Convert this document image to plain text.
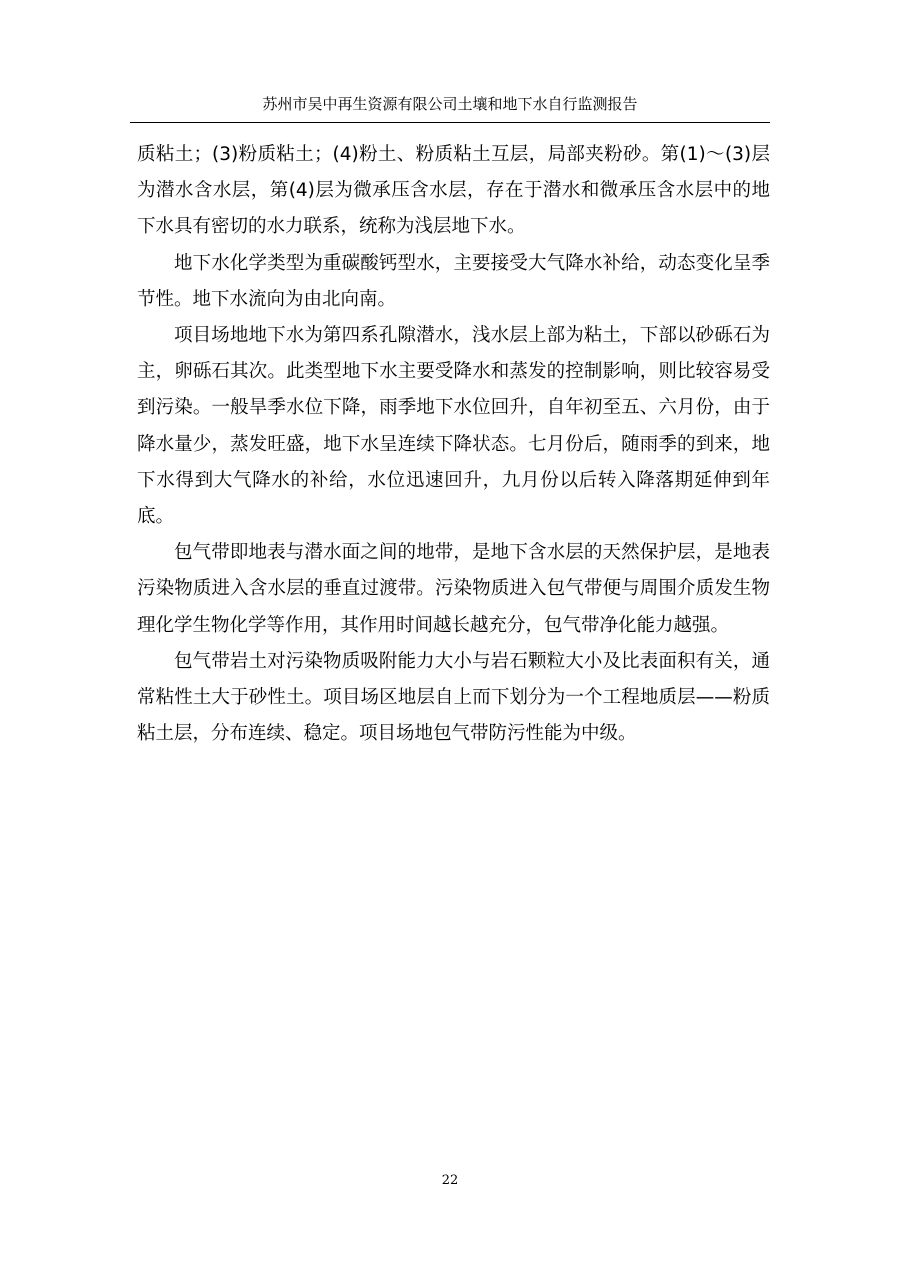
苏州市吴中再生资源有限公司土壤和地下水自行监测报告

质粘土；(3)粉质粘土；(4)粉土、粉质粘土互层，局部夹粉砂。第(1)～(3)层为潜水含水层，第(4)层为微承压含水层，存在于潜水和微承压含水层中的地下水具有密切的水力联系，统称为浅层地下水。

地下水化学类型为重碳酸钙型水，主要接受大气降水补给，动态变化呈季节性。地下水流向为由北向南。

项目场地地下水为第四系孔隙潜水，浅水层上部为粘土，下部以砂砾石为主，卵砾石其次。此类型地下水主要受降水和蒸发的控制影响，则比较容易受到污染。一般旱季水位下降，雨季地下水位回升，自年初至五、六月份，由于降水量少，蒸发旺盛，地下水呈连续下降状态。七月份后，随雨季的到来，地下水得到大气降水的补给，水位迅速回升，九月份以后转入降落期延伸到年底。

包气带即地表与潜水面之间的地带，是地下含水层的天然保护层，是地表污染物质进入含水层的垂直过渡带。污染物质进入包气带便与周围介质发生物理化学生物化学等作用，其作用时间越长越充分，包气带净化能力越强。

包气带岩土对污染物质吸附能力大小与岩石颗粒大小及比表面积有关，通常粘性土大于砂性土。项目场区地层自上而下划分为一个工程地质层——粉质粘土层，分布连续、稳定。项目场地包气带防污性能为中级。

22
